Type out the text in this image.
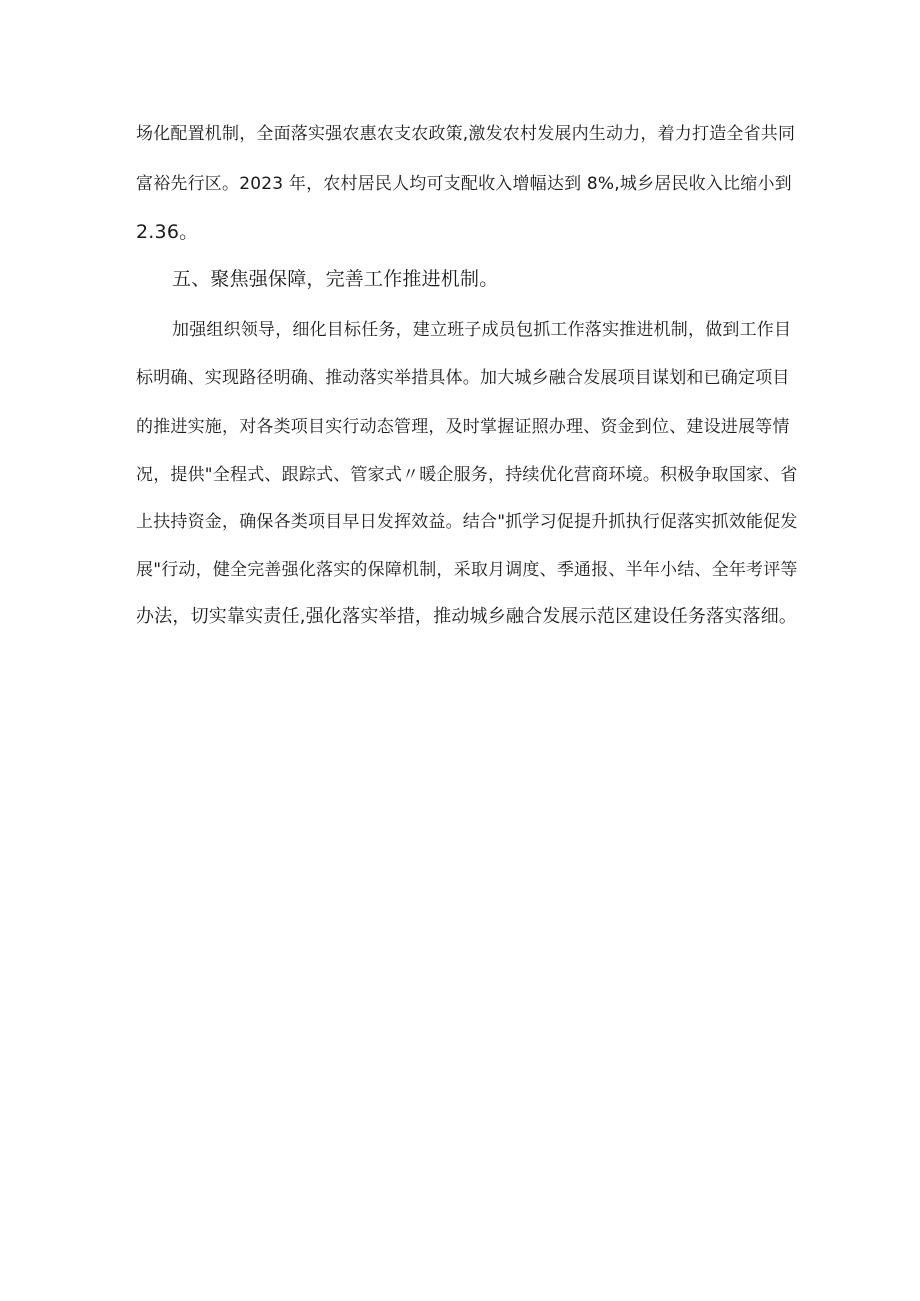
场化配置机制，全面落实强农惠农支农政策,激发农村发展内生动力，着力打造全省共同
富裕先行区。2023 年，农村居民人均可支配收入增幅达到 8%,城乡居民收入比缩小到
2.36。
五、聚焦强保障，完善工作推进机制。
加强组织领导，细化目标任务，建立班子成员包抓工作落实推进机制，做到工作目
标明确、实现路径明确、推动落实举措具体。加大城乡融合发展项目谋划和已确定项目
的推进实施，对各类项目实行动态管理，及时掌握证照办理、资金到位、建设进展等情
况，提供"全程式、跟踪式、管家式〃暖企服务，持续优化营商环境。积极争取国家、省
上扶持资金，确保各类项目早日发挥效益。结合"抓学习促提升抓执行促落实抓效能促发
展"行动，健全完善强化落实的保障机制，采取月调度、季通报、半年小结、全年考评等
办法，切实靠实责任,强化落实举措，推动城乡融合发展示范区建设任务落实落细。
